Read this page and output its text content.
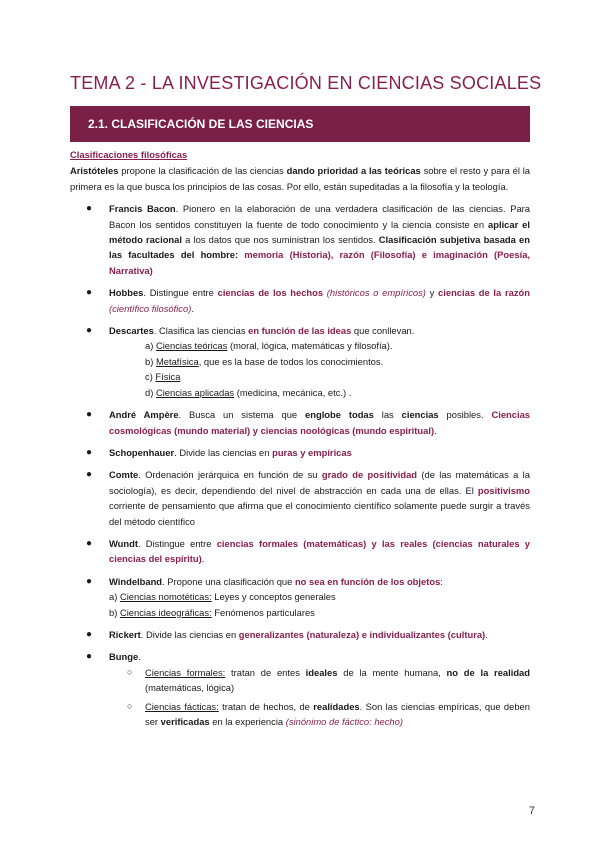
TEMA 2 - LA INVESTIGACIÓN EN CIENCIAS SOCIALES
2.1. CLASIFICACIÓN DE LAS CIENCIAS
Clasificaciones filosóficas

Aristóteles propone la clasificación de las ciencias dando prioridad a las teóricas sobre el resto y para él la primera es la que busca los principios de las cosas. Por ello, están supeditadas a la filosofía y la teología.

● Francis Bacon. Pionero en la elaboración de una verdadera clasificación de las ciencias. Para Bacon los sentidos constituyen la fuente de todo conocimiento y la ciencia consiste en aplicar el método racional a los datos que nos suministran los sentidos. Clasificación subjetiva basada en las facultades del hombre: memoria (Historia), razón (Filosofía) e imaginación (Poesía, Narrativa)
● Hobbes. Distingue entre ciencias de los hechos (históricos o empíricos) y ciencias de la razón (científico filosófico).
● Descartes. Clasifica las ciencias en función de las ideas que conllevan.
a) Ciencias teóricas (moral, lógica, matemáticas y filosofía).
b) Metafísica, que es la base de todos los conocimientos.
c) Física
d) Ciencias aplicadas (medicina, mecánica, etc.) .
● André Ampère. Busca un sistema que englobe todas las ciencias posibles. Ciencias cosmológicas (mundo material) y ciencias noológicas (mundo espiritual).
● Schopenhauer. Divide las ciencias en puras y empíricas
● Comte. Ordenación jerárquica en función de su grado de positividad (de las matemáticas a la sociología), es decir, dependiendo del nivel de abstracción en cada una de ellas. El positivismo corriente de pensamiento que afirma que el conocimiento científico solamente puede surgir a través del método científico
● Wundt. Distingue entre ciencias formales (matemáticas) y las reales (ciencias naturales y ciencias del espíritu).
● Windelband. Propone una clasificación que no sea en función de los objetos:
a) Ciencias nomotéticas: Leyes y conceptos generales
b) Ciencias ideográficas: Fenómenos particulares
● Rickert. Divide las ciencias en generalizantes (naturaleza) e individualizantes (cultura).
● Bunge.
○ Ciencias formales: tratan de entes ideales de la mente humana, no de la realidad (matemáticas, lógica)
○ Ciencias fácticas: tratan de hechos, de realidades. Son las ciencias empíricas, que deben ser verificadas en la experiencia (sinónimo de fáctico: hecho)
7
